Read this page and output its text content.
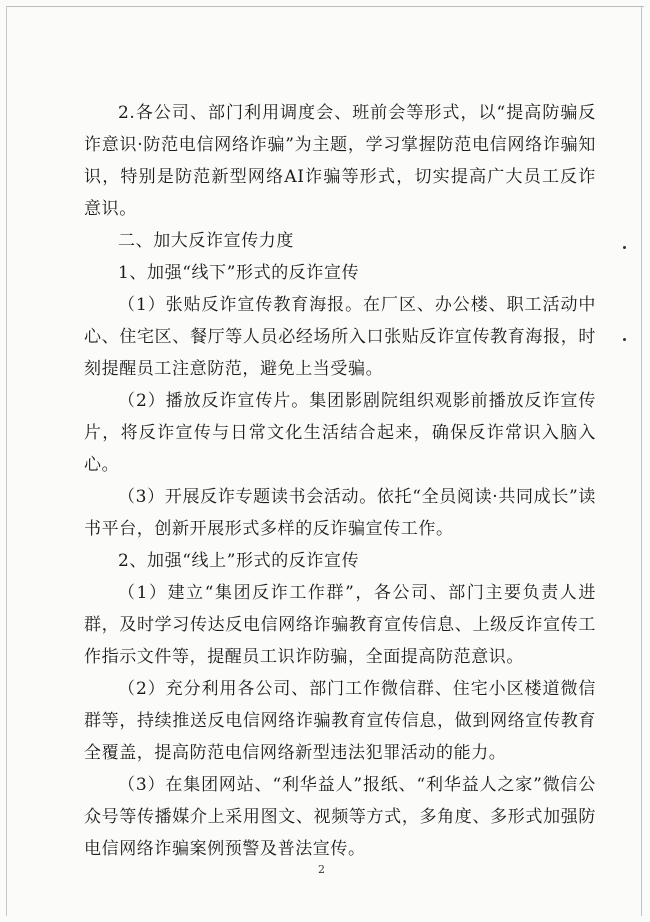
2.各公司、部门利用调度会、班前会等形式，以“提高防骗反诈意识·防范电信网络诈骗”为主题，学习掌握防范电信网络诈骗知识，特别是防范新型网络AI诈骗等形式，切实提高广大员工反诈意识。

二、加大反诈宣传力度

1、加强“线下”形式的反诈宣传

（1）张贴反诈宣传教育海报。在厂区、办公楼、职工活动中心、住宅区、餐厅等人员必经场所入口张贴反诈宣传教育海报，时刻提醒员工注意防范，避免上当受骗。

（2）播放反诈宣传片。集团影剧院组织观影前播放反诈宣传片，将反诈宣传与日常文化生活结合起来，确保反诈常识入脑入心。

（3）开展反诈专题读书会活动。依托“全员阅读·共同成长”读书平台，创新开展形式多样的反诈骗宣传工作。

2、加强“线上”形式的反诈宣传

（1）建立“集团反诈工作群”，各公司、部门主要负责人进群，及时学习传达反电信网络诈骗教育宣传信息、上级反诈宣传工作指示文件等，提醒员工识诈防骗，全面提高防范意识。

（2）充分利用各公司、部门工作微信群、住宅小区楼道微信群等，持续推送反电信网络诈骗教育宣传信息，做到网络宣传教育全覆盖，提高防范电信网络新型违法犯罪活动的能力。

（3）在集团网站、“利华益人”报纸、“利华益人之家”微信公众号等传播媒介上采用图文、视频等方式，多角度、多形式加强防电信网络诈骗案例预警及普法宣传。

2
